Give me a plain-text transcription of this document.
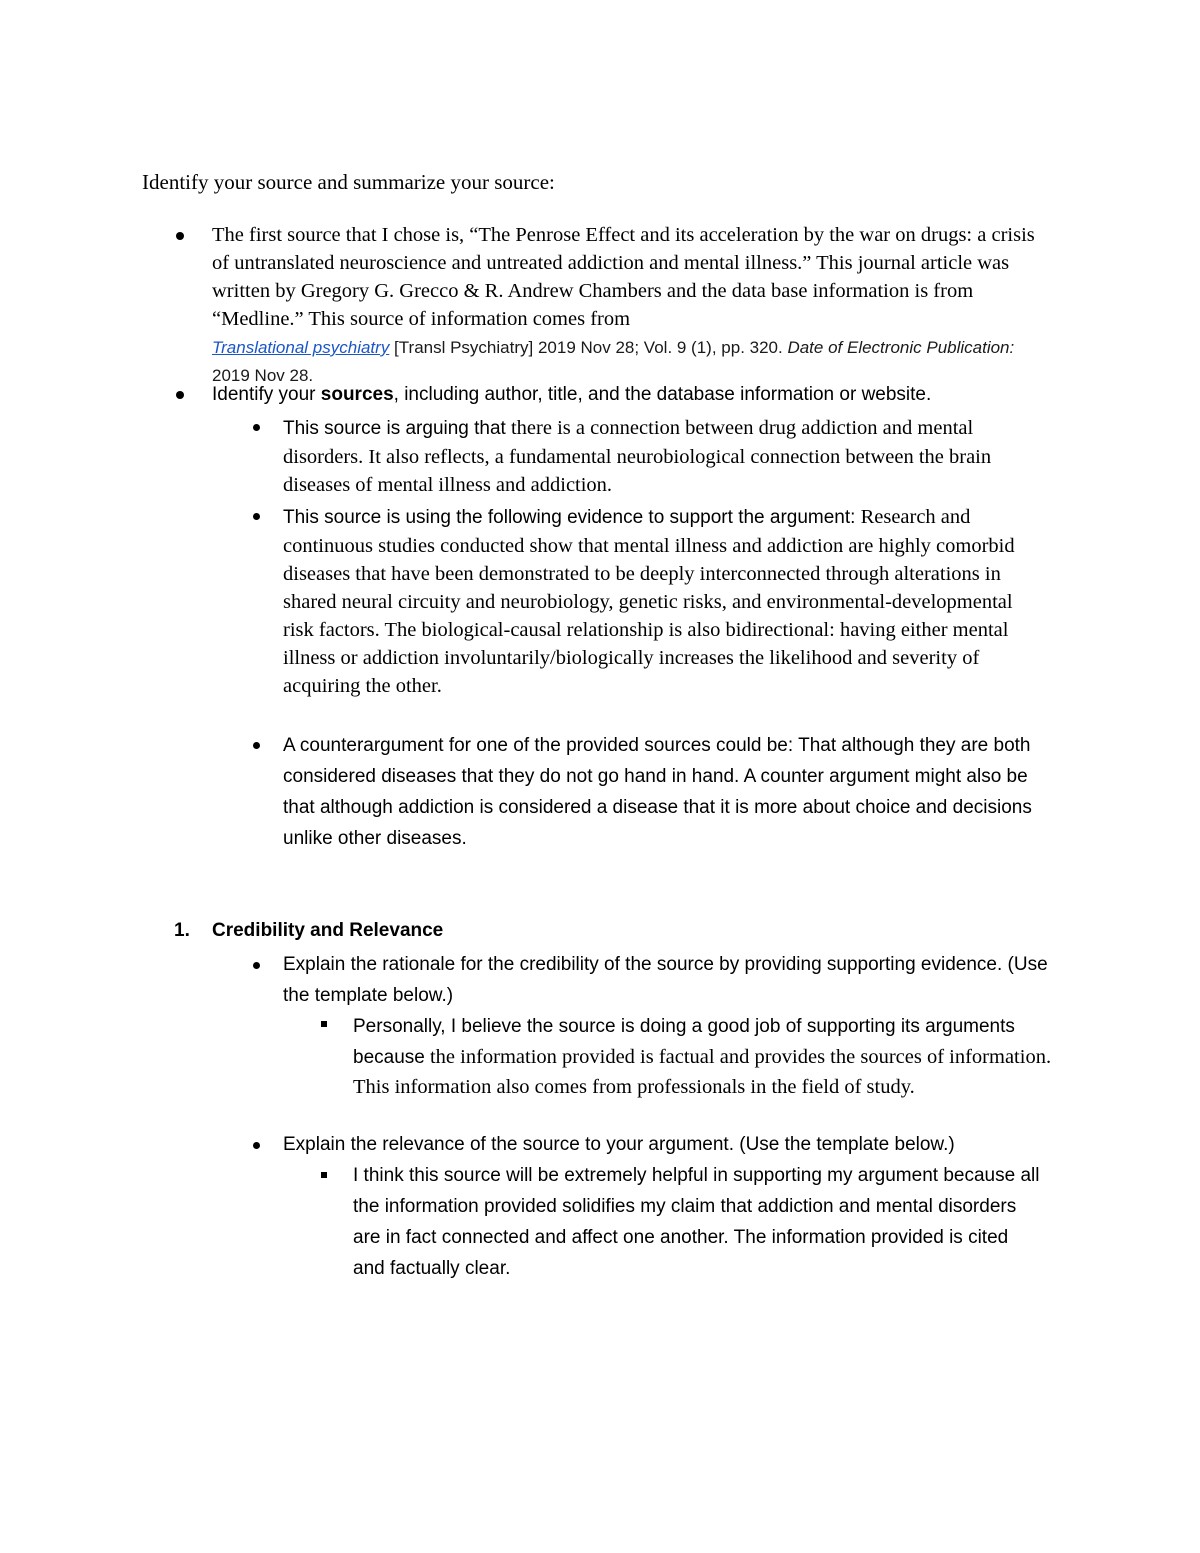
Identify your source and summarize your source:

The first source that I chose is, “The Penrose Effect and its acceleration by the war on drugs: a crisis of untranslated neuroscience and untreated addiction and mental illness.” This journal article was written by Gregory G. Grecco & R. Andrew Chambers and the data base information is from “Medline.” This source of information comes from
Translational psychiatry [Transl Psychiatry] 2019 Nov 28; Vol. 9 (1), pp. 320. Date of Electronic Publication: 2019 Nov 28.
Identify your sources, including author, title, and the database information or website.
This source is arguing that there is a connection between drug addiction and mental disorders. It also reflects, a fundamental neurobiological connection between the brain diseases of mental illness and addiction.
This source is using the following evidence to support the argument: Research and continuous studies conducted show that mental illness and addiction are highly comorbid diseases that have been demonstrated to be deeply interconnected through alterations in shared neural circuity and neurobiology, genetic risks, and environmental-developmental risk factors. The biological-causal relationship is also bidirectional: having either mental illness or addiction involuntarily/biologically increases the likelihood and severity of acquiring the other.
A counterargument for one of the provided sources could be: That although they are both considered diseases that they do not go hand in hand. A counter argument might also be that although addiction is considered a disease that it is more about choice and decisions unlike other diseases.
1. Credibility and Relevance
Explain the rationale for the credibility of the source by providing supporting evidence. (Use the template below.)
Personally, I believe the source is doing a good job of supporting its arguments because the information provided is factual and provides the sources of information. This information also comes from professionals in the field of study.
Explain the relevance of the source to your argument. (Use the template below.)
I think this source will be extremely helpful in supporting my argument because all the information provided solidifies my claim that addiction and mental disorders are in fact connected and affect one another. The information provided is cited and factually clear.
